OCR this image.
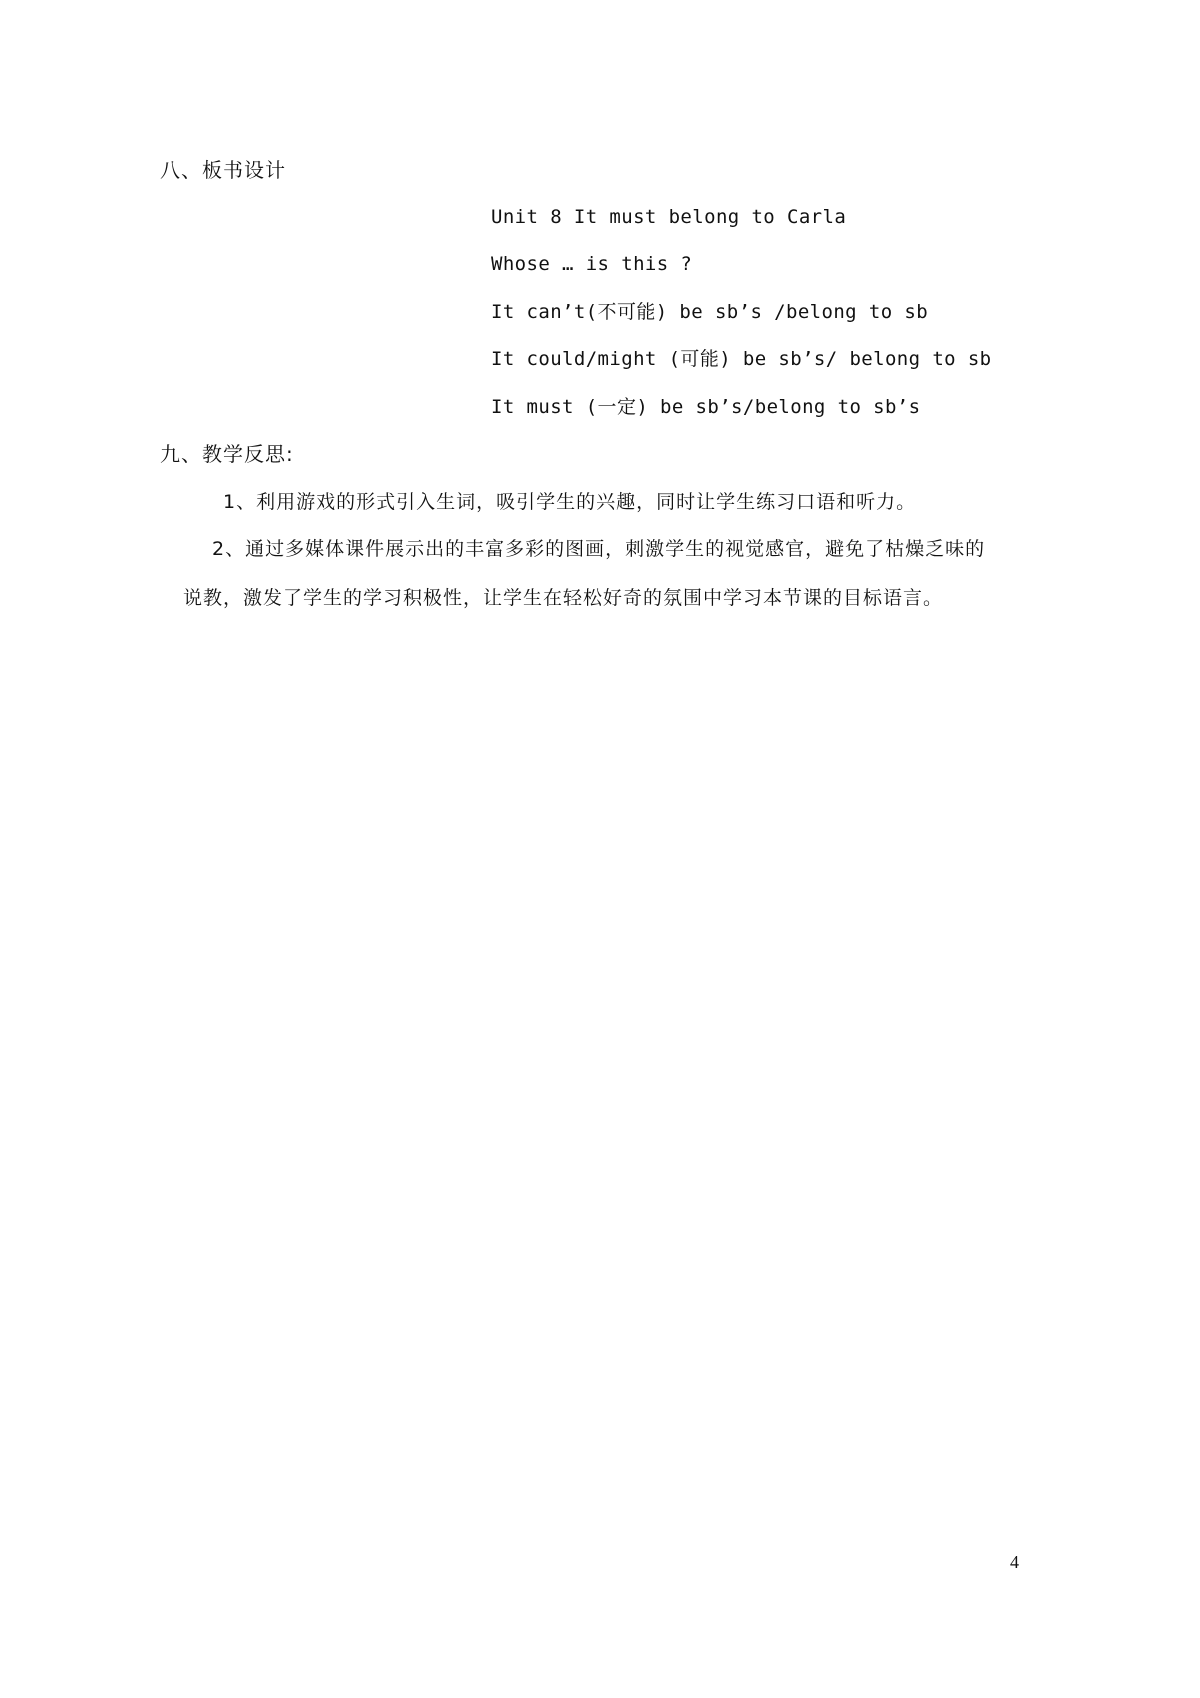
八、板书设计
Unit 8 It must belong to Carla
Whose … is this ?
It can’t(不可能) be sb’s /belong to sb
It could/might (可能) be sb’s/ belong to sb
It must (一定) be sb’s/belong to sb’s
九、教学反思:
1、利用游戏的形式引入生词，吸引学生的兴趣，同时让学生练习口语和听力。
2、通过多媒体课件展示出的丰富多彩的图画，刺激学生的视觉感官，避免了枯燥乏味的
说教，激发了学生的学习积极性，让学生在轻松好奇的氛围中学习本节课的目标语言。
4
